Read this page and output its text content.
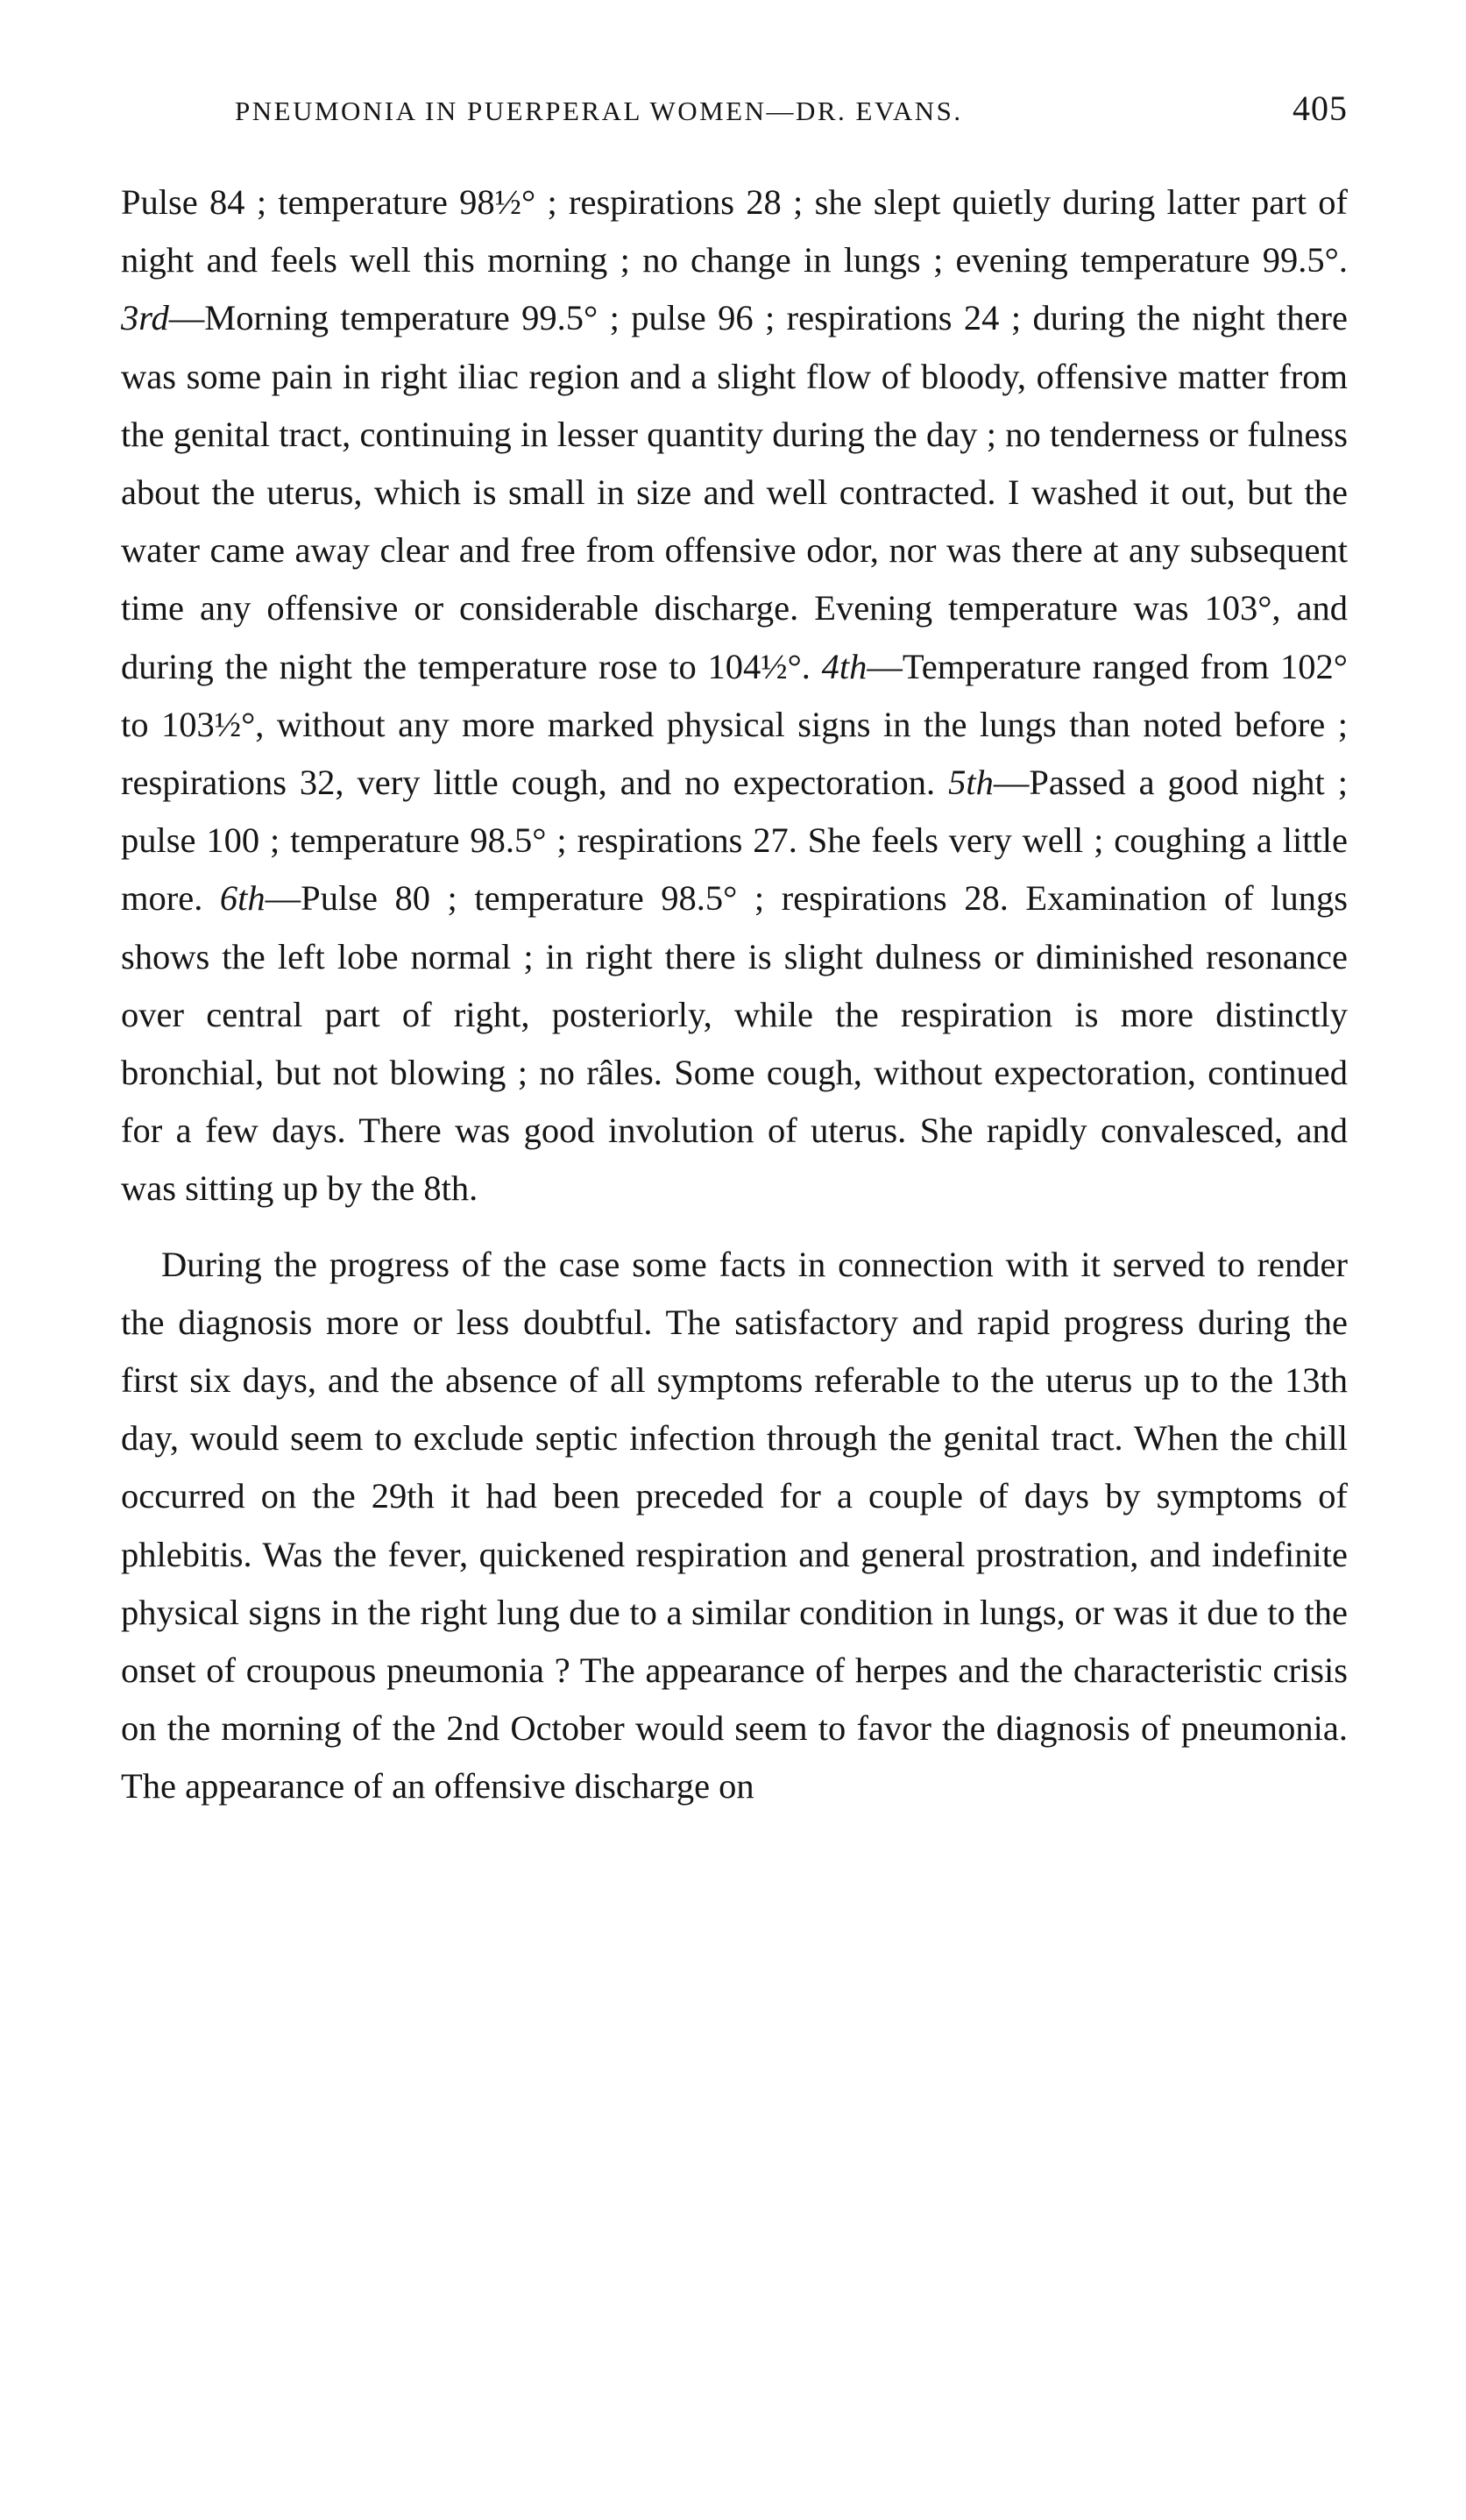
PNEUMONIA IN PUERPERAL WOMEN—DR. EVANS.	405

Pulse 84 ; temperature 98½° ; respirations 28 ; she slept quietly during latter part of night and feels well this morning ; no change in lungs ; evening temperature 99.5°. 3rd—Morning temperature 99.5° ; pulse 96 ; respirations 24 ; during the night there was some pain in right iliac region and a slight flow of bloody, offensive matter from the genital tract, continuing in lesser quantity during the day ; no tenderness or fulness about the uterus, which is small in size and well contracted. I washed it out, but the water came away clear and free from offensive odor, nor was there at any subsequent time any offensive or considerable discharge. Evening temperature was 103°, and during the night the temperature rose to 104½°. 4th—Temperature ranged from 102° to 103½°, without any more marked physical signs in the lungs than noted before ; respirations 32, very little cough, and no expectoration. 5th—Passed a good night ; pulse 100 ; temperature 98.5° ; respirations 27. She feels very well ; coughing a little more. 6th—Pulse 80 ; temperature 98.5° ; respirations 28. Examination of lungs shows the left lobe normal ; in right there is slight dulness or diminished resonance over central part of right, posteriorly, while the respiration is more distinctly bronchial, but not blowing ; no râles. Some cough, without expectoration, continued for a few days. There was good involution of uterus. She rapidly convalesced, and was sitting up by the 8th.

During the progress of the case some facts in connection with it served to render the diagnosis more or less doubtful. The satisfactory and rapid progress during the first six days, and the absence of all symptoms referable to the uterus up to the 13th day, would seem to exclude septic infection through the genital tract. When the chill occurred on the 29th it had been preceded for a couple of days by symptoms of phlebitis. Was the fever, quickened respiration and general prostration, and indefinite physical signs in the right lung due to a similar condition in lungs, or was it due to the onset of croupous pneumonia ? The appearance of herpes and the characteristic crisis on the morning of the 2nd October would seem to favor the diagnosis of pneumonia. The appearance of an offensive discharge on
